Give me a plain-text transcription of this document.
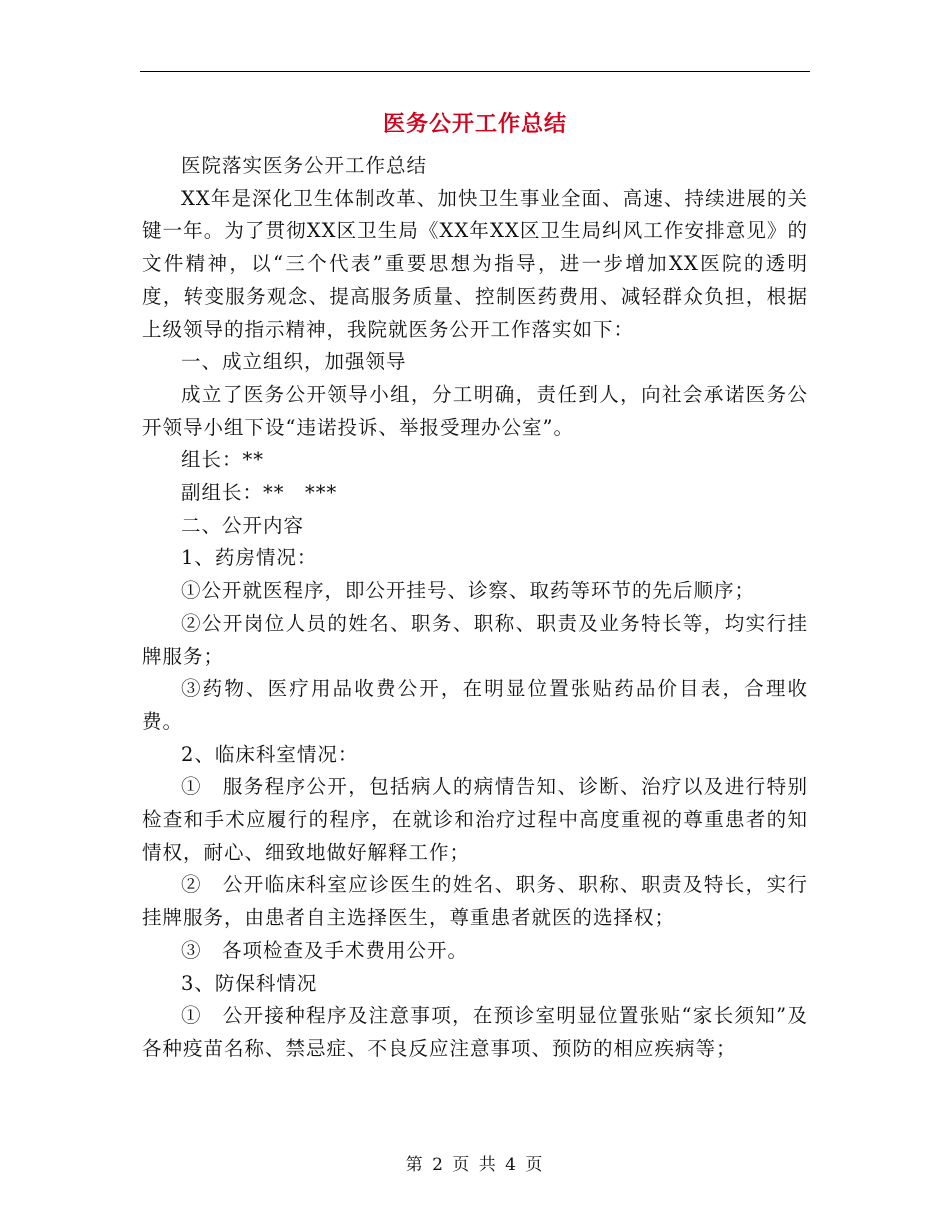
医务公开工作总结

医院落实医务公开工作总结

XX年是深化卫生体制改革、加快卫生事业全面、高速、持续进展的关键一年。为了贯彻XX区卫生局《XX年XX区卫生局纠风工作安排意见》的文件精神，以“三个代表”重要思想为指导，进一步增加XX医院的透明度，转变服务观念、提高服务质量、控制医药费用、减轻群众负担，根据上级领导的指示精神，我院就医务公开工作落实如下：

一、成立组织，加强领导

成立了医务公开领导小组，分工明确，责任到人，向社会承诺医务公开领导小组下设“违诺投诉、举报受理办公室”。

组长：**

副组长：**　***

二、公开内容

1、药房情况：

①公开就医程序，即公开挂号、诊察、取药等环节的先后顺序；

②公开岗位人员的姓名、职务、职称、职责及业务特长等，均实行挂牌服务；

③药物、医疗用品收费公开，在明显位置张贴药品价目表，合理收费。

2、临床科室情况：

①　服务程序公开，包括病人的病情告知、诊断、治疗以及进行特别检查和手术应履行的程序，在就诊和治疗过程中高度重视的尊重患者的知情权，耐心、细致地做好解释工作；

②　公开临床科室应诊医生的姓名、职务、职称、职责及特长，实行挂牌服务，由患者自主选择医生，尊重患者就医的选择权；

③　各项检查及手术费用公开。

3、防保科情况

①　公开接种程序及注意事项，在预诊室明显位置张贴“家长须知”及各种疫苗名称、禁忌症、不良反应注意事项、预防的相应疾病等；

第 2 页 共 4 页
